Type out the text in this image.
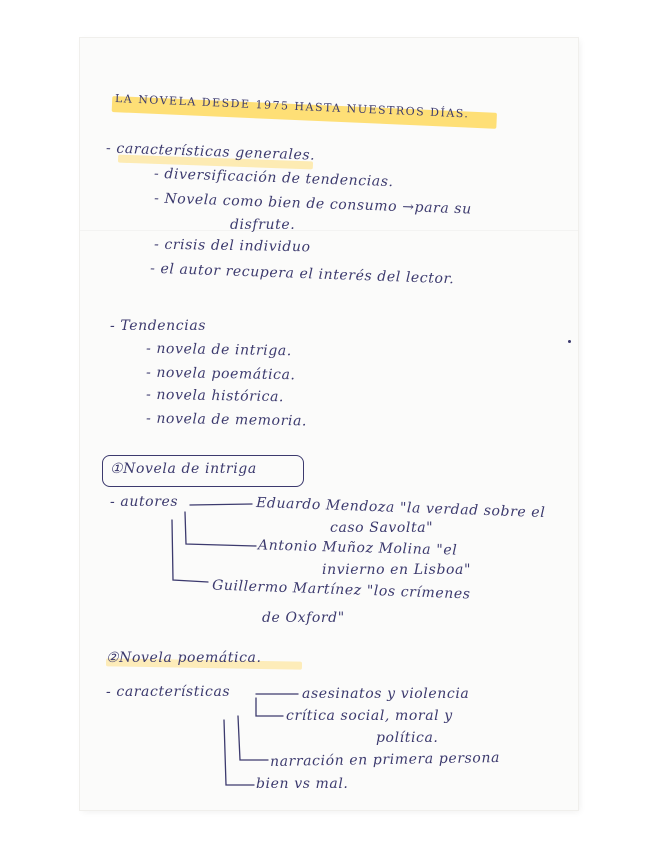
LA NOVELA DESDE 1975 HASTA NUESTROS DÍAS.
- características generales.
- diversificación de tendencias.
- Novela como bien de consumo →para su
disfrute.
- crisis del individuo
- el autor recupera el interés del lector.
- Tendencias
- novela de intriga.
- novela poemática.
- novela histórica.
- novela de memoria.
①Novela de intriga
- autores	Eduardo Mendoza "la verdad sobre el
caso Savolta"
Antonio Muñoz Molina "el
invierno en Lisboa"
Guillermo Martínez "los crímenes
de Oxford"
②Novela poemática.
- características	asesinatos y violencia
crítica social, moral y
política.
narración en primera persona
bien vs mal.
